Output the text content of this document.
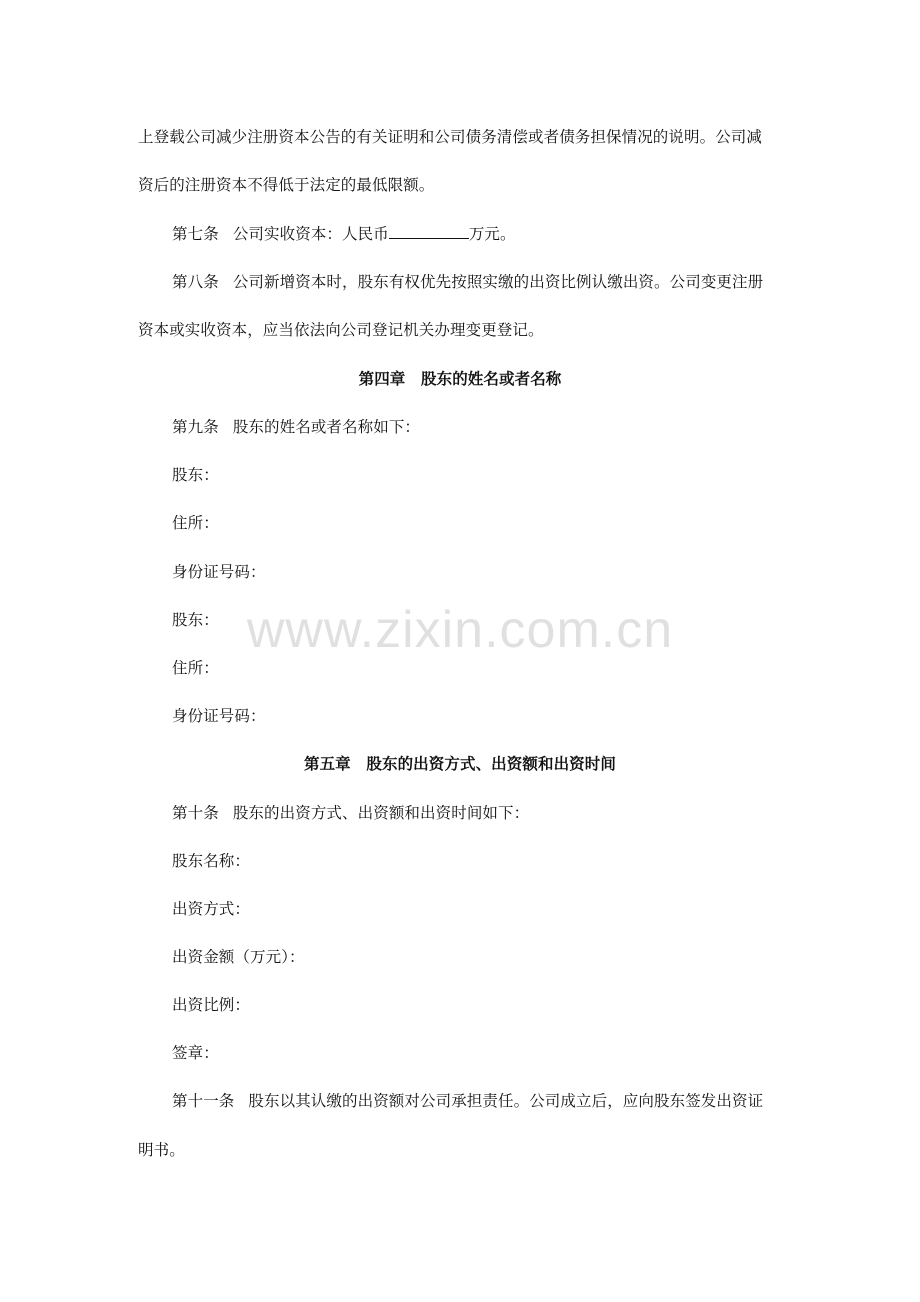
上登载公司减少注册资本公告的有关证明和公司债务清偿或者债务担保情况的说明。公司减
资后的注册资本不得低于法定的最低限额。
第七条 公司实收资本：人民币	万元。
第八条 公司新增资本时，股东有权优先按照实缴的出资比例认缴出资。公司变更注册
资本或实收资本，应当依法向公司登记机关办理变更登记。
第四章　股东的姓名或者名称
第九条 股东的姓名或者名称如下：
股东：
住所：
身份证号码：
股东：
住所：
身份证号码：
第五章　股东的出资方式、出资额和出资时间
第十条 股东的出资方式、出资额和出资时间如下：
股东名称：
出资方式：
出资金额（万元）：
出资比例：
签章：
第十一条 股东以其认缴的出资额对公司承担责任。公司成立后，应向股东签发出资证
明书。
www.zixin.com.cn
